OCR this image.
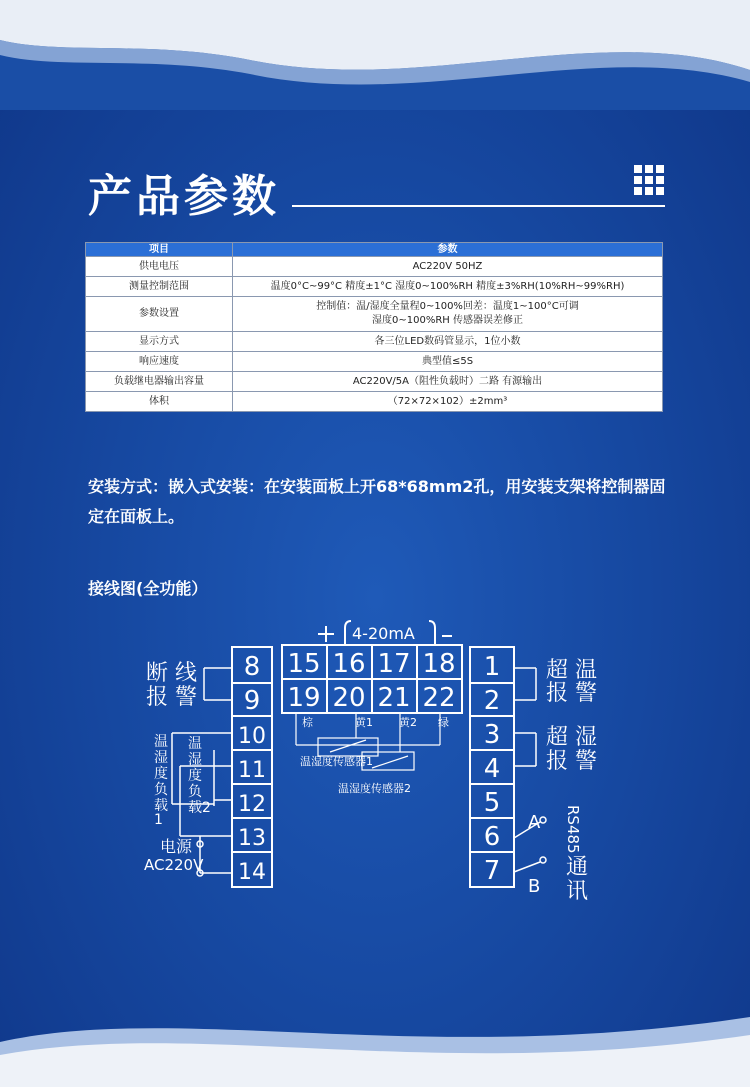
产品参数
项目	参数
供电电压	AC220V 50HZ
测量控制范围	温度0°C~99°C 精度±1°C 湿度0~100%RH 精度±3%RH(10%RH~99%RH)
参数设置	控制值：温/湿度全量程0~100%回差：温度1~100°C可调
湿度0~100%RH 传感器误差修正

显示方式	各三位LED数码管显示，1位小数
响应速度	典型值≤5S
负载继电器输出容量	AC220V/5A（阻性负载时）二路 有源输出
体积	（72×72×102）±2mm³

安装方式：嵌入式安装：在安装面板上开68*68mm2孔，用安装支架将控制器固定在面板上。

接线图(全功能）
4-20mA
8
9
10
11
12
13
14
15 16 17 18
19 20 21 22
1
2
3
4
5
6
7
棕	黄1 黄2 绿
温湿度传感器1
温湿度传感器2
断 线
报 警
温
湿
度
负
载
1
温
湿
度
负
载2
电源
AC220V
超 温
报 警
超 湿
报 警
A
B
RS485
通
讯
